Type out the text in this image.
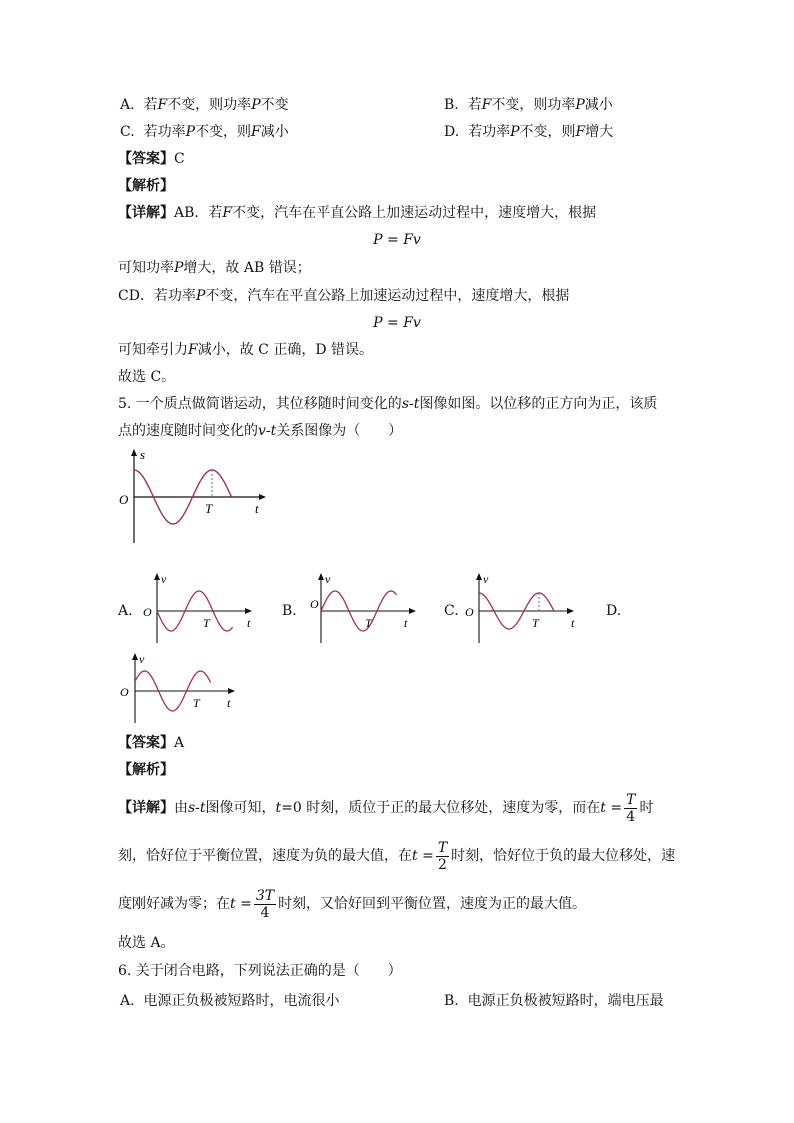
A. 若F不变，则功率P不变	B. 若F不变，则功率P减小
C. 若功率P不变，则F减小	D. 若功率P不变，则F增大
【答案】C
【解析】
【详解】AB．若F不变，汽车在平直公路上加速运动过程中，速度增大，根据
P = Fv
可知功率P增大，故 AB 错误；
CD．若功率P不变，汽车在平直公路上加速运动过程中，速度增大，根据
P = Fv
可知牵引力F减小，故 C 正确，D 错误。
故选 C。
5. 一个质点做简谐运动，其位移随时间变化的s-t图像如图。以位移的正方向为正，该质
点的速度随时间变化的v-t关系图像为（　　）
s
O
T	t
A.	B.	C.	D.
v
O
T	t
v
O
T	t
v
O
T	t
v
O
T t
【答案】A
【解析】
【详解】由s-t图像可知，t=0 时刻，质位于正的最大位移处，速度为零，而在$t = \frac{T}{4}$ 时
刻，恰好位于平衡位置，速度为负的最大值，在$t = \frac{T}{2}$ 时刻，恰好位于负的最大位移处，速
度刚好减为零；在$t = \frac{3T}{4}$ 时刻，又恰好回到平衡位置，速度为正的最大值。
故选 A。
6. 关于闭合电路，下列说法正确的是（　　）
A. 电源正负极被短路时，电流很小	B. 电源正负极被短路时，端电压最
